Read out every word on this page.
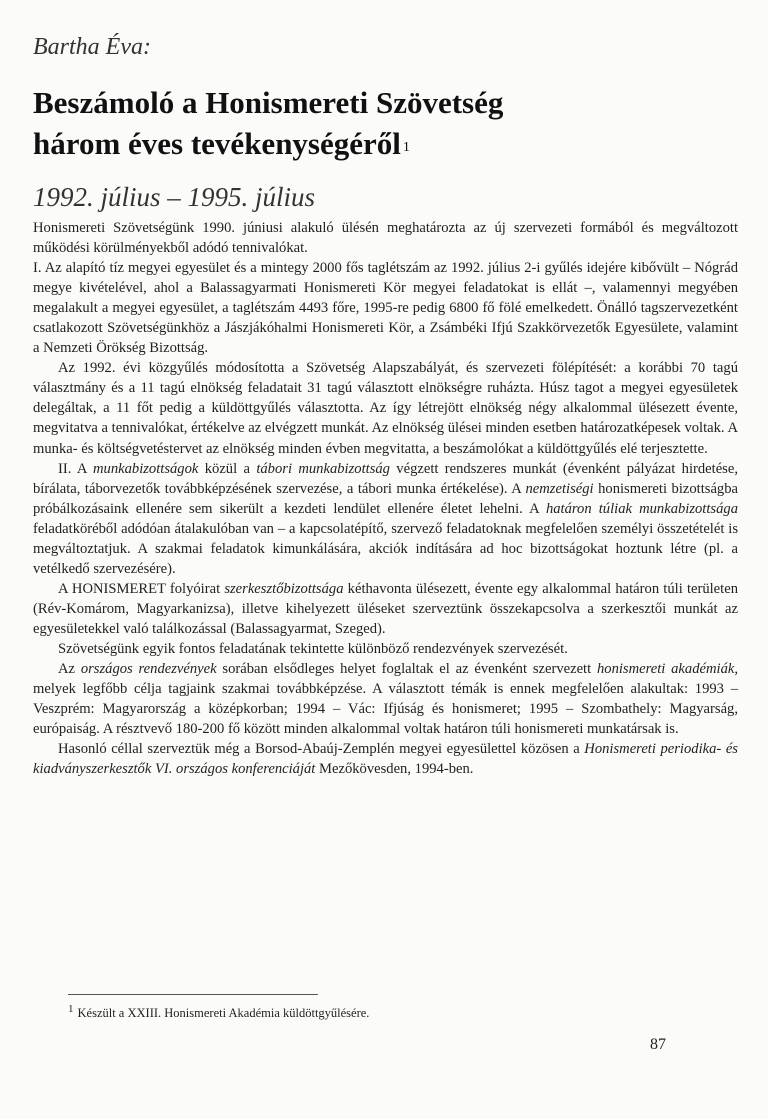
Bartha Éva:
Beszámoló a Honismereti Szövetség
három éves tevékenységéről $^1$
1992. július – 1995. július

Honismereti Szövetségünk 1990. júniusi alakuló ülésén meghatározta az új szervezeti formából és megváltozott működési körülményekből adódó tennivalókat.

I. Az alapító tíz megyei egyesület és a mintegy 2000 fős taglétszám az 1992. július 2-i gyűlés idejére kibővült – Nógrád megye kivételével, ahol a Balassagyarmati Honismereti Kör megyei feladatokat is ellát –, valamennyi megyében megalakult a megyei egyesület, a taglétszám 4493 főre, 1995-re pedig 6800 fő fölé emelkedett. Önálló tagszervezetként csatlakozott Szövetségünkhöz a Jászjákóhalmi Honismereti Kör, a Zsámbéki Ifjú Szakkörvezetők Egyesülete, valamint a Nemzeti Örökség Bizottság.

Az 1992. évi közgyűlés módosította a Szövetség Alapszabályát, és szervezeti fölépítését: a korábbi 70 tagú választmány és a 11 tagú elnökség feladatait 31 tagú választott elnökségre ruházta. Húsz tagot a megyei egyesületek delegáltak, a 11 főt pedig a küldöttgyűlés választotta. Az így létrejött elnökség négy alkalommal ülésezett évente, megvitatva a tennivalókat, értékelve az elvégzett munkát. Az elnökség ülései minden esetben határozatképesek voltak. A munka- és költségvetéstervet az elnökség minden évben megvitatta, a beszámolókat a küldöttgyűlés elé terjesztette.

II. A munkabizottságok közül a tábori munkabizottság végzett rendszeres munkát (évenként pályázat hirdetése, bírálata, táborvezetők továbbképzésének szervezése, a tábori munka értékelése). A nemzetiségi honismereti bizottságba próbálkozásaink ellenére sem sikerült a kezdeti lendület ellenére életet lehelni. A határon túliak munkabizottsága feladatköréből adódóan átalakulóban van – a kapcsolatépítő, szervező feladatoknak megfelelően személyi összetételét is megváltoztatjuk. A szakmai feladatok kimunkálására, akciók indítására ad hoc bizottságokat hoztunk létre (pl. a vetélkedő szervezésére).

A HONISMERET folyóirat szerkesztőbizottsága kéthavonta ülésezett, évente egy alkalommal határon túli területen (Rév-Komárom, Magyarkanizsa), illetve kihelyezett üléseket szerveztünk összekapcsolva a szerkesztői munkát az egyesületekkel való találkozással (Balassagyarmat, Szeged).

Szövetségünk egyik fontos feladatának tekintette különböző rendezvények szervezését.

Az országos rendezvények sorában elsődleges helyet foglaltak el az évenként szervezett honismereti akadémiák, melyek legfőbb célja tagjaink szakmai továbbképzése. A választott témák is ennek megfelelően alakultak: 1993 – Veszprém: Magyarország a középkorban; 1994 – Vác: Ifjúság és honismeret; 1995 – Szombathely: Magyarság, európaiság. A résztvevő 180-200 fő között minden alkalommal voltak határon túli honismereti munkatársak is.

Hasonló céllal szerveztük még a Borsod-Abaúj-Zemplén megyei egyesülettel közösen a Honismereti periodika- és kiadványszerkesztők VI. országos konferenciáját Mezőkövesden, 1994-ben.

$^1$ Készült a XXIII. Honismereti Akadémia küldöttgyűlésére.
87
